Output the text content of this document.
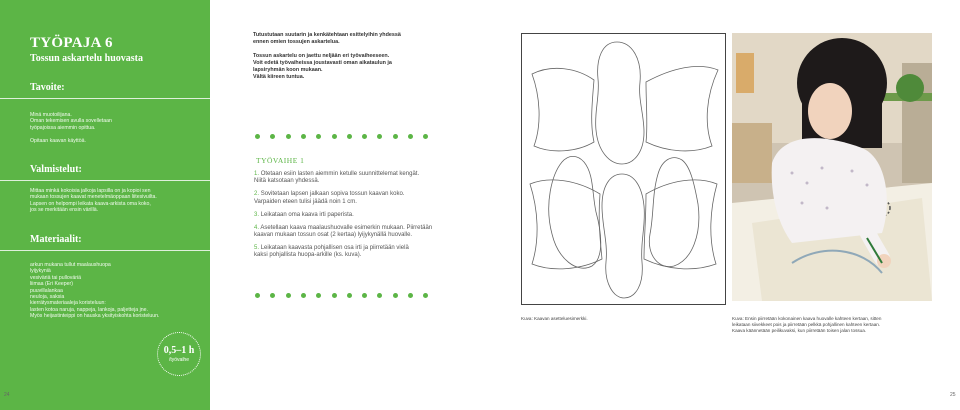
TYÖPAJA 6
Tossun askartelu huovasta
Tavoite:
Minä muotoilijana.
Oman tekemisen avulla sovelletaan
työpajoissa aiemmin opittua.
Opitaan kaavan käyttöä.
Valmistelut:
Mittaa minkä kokoisia jalkoja lapsilla on ja kopioi sen
mukaan tossujen kaavat menetelmäoppaan liitesivuilta.
Lapsen on helpompi leikata kaava-arkista oma koko,
jos se merkitään ensin värillä.
Materiaalit:
arkun mukana tullut maalaushuopa
lyijykyniä
vesiväriä tai pulloväriä
liimaa (Eri Keeper)
puuvillalankaa
neuloja, saksia
kierrätysmateriaaleja koristeluun:
lasten kotoa naruja, nappeja, lankoja, paljetteja jne.
Myös heijastinteippi on hauska yksityiskohta koristeluun.
0,5–1 h
/työvaihe
24
Tutustutaan suutarin ja kenkätehtaan esittelyihin yhdessä
ennen omien tossujen askartelua.
Tossun askartelu on jaettu neljään eri työvaiheeseen.
Voit edetä työvaiheissa joustavasti oman aikataulun ja
lapsiryhmän koon mukaan.
Vältä kiireen tuntua.
TYÖVAIHE 1
1. Otetaan esiin lasten aiemmin ketulle suunnittelemat kengät.
Niitä katsotaan yhdessä.
2. Sovitetaan lapsen jalkaan sopiva tossun kaavan koko.
Varpaiden eteen tulisi jäädä noin 1 cm.
3. Leikataan oma kaava irti paperista.
4. Asetellaan kaava maalaushuovalle esimerkin mukaan. Piirretään
kaavan mukaan tossun osat (2 kertaa) lyijykynällä huovalle.
5. Leikataan kaavasta pohjallisen osa irti ja piirretään vielä
kaksi pohjallista huopa-arkille (ks. kuva).
Kuva: Kaavan asetteluesimerkki.	Kuva: Ensin piirretään kokonainen kaava huovalle kahteen kertaan, sitten
leikataan siivekkeet pois ja piirretään pelkkä pohjallinen kahteen kertaan.
Kaava käännetään peilikuvaksi, kun piirretään toisen jalan tossua.
25
